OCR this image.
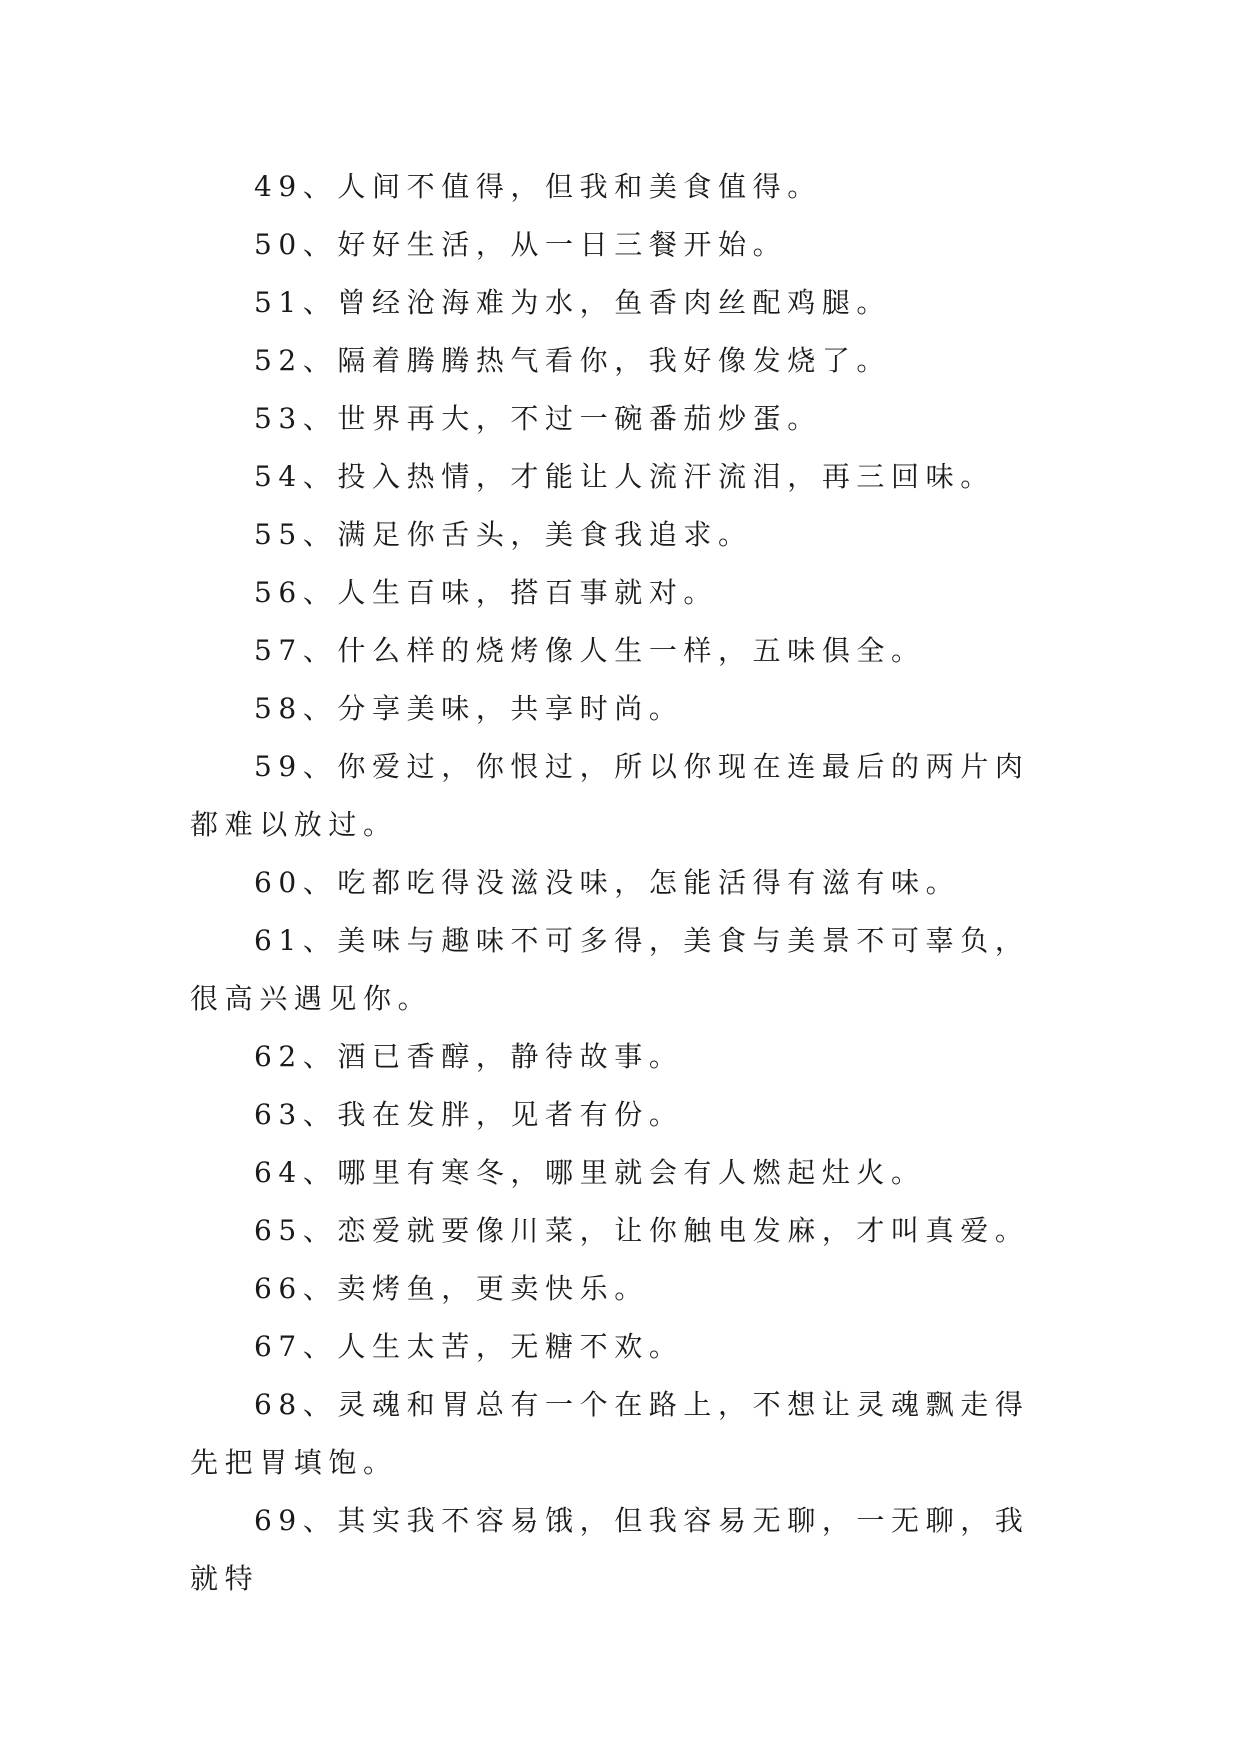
49、人间不值得，但我和美食值得。

50、好好生活，从一日三餐开始。

51、曾经沧海难为水，鱼香肉丝配鸡腿。

52、隔着腾腾热气看你，我好像发烧了。

53、世界再大，不过一碗番茄炒蛋。

54、投入热情，才能让人流汗流泪，再三回味。

55、满足你舌头，美食我追求。

56、人生百味，搭百事就对。

57、什么样的烧烤像人生一样，五味俱全。

58、分享美味，共享时尚。

59、你爱过，你恨过，所以你现在连最后的两片肉都难以放过。

60、吃都吃得没滋没味，怎能活得有滋有味。

61、美味与趣味不可多得，美食与美景不可辜负，很高兴遇见你。

62、酒已香醇，静待故事。

63、我在发胖，见者有份。

64、哪里有寒冬，哪里就会有人燃起灶火。

65、恋爱就要像川菜，让你触电发麻，才叫真爱。

66、卖烤鱼，更卖快乐。

67、人生太苦，无糖不欢。

68、灵魂和胃总有一个在路上，不想让灵魂飘走得先把胃填饱。

69、其实我不容易饿，但我容易无聊，一无聊，我就特
